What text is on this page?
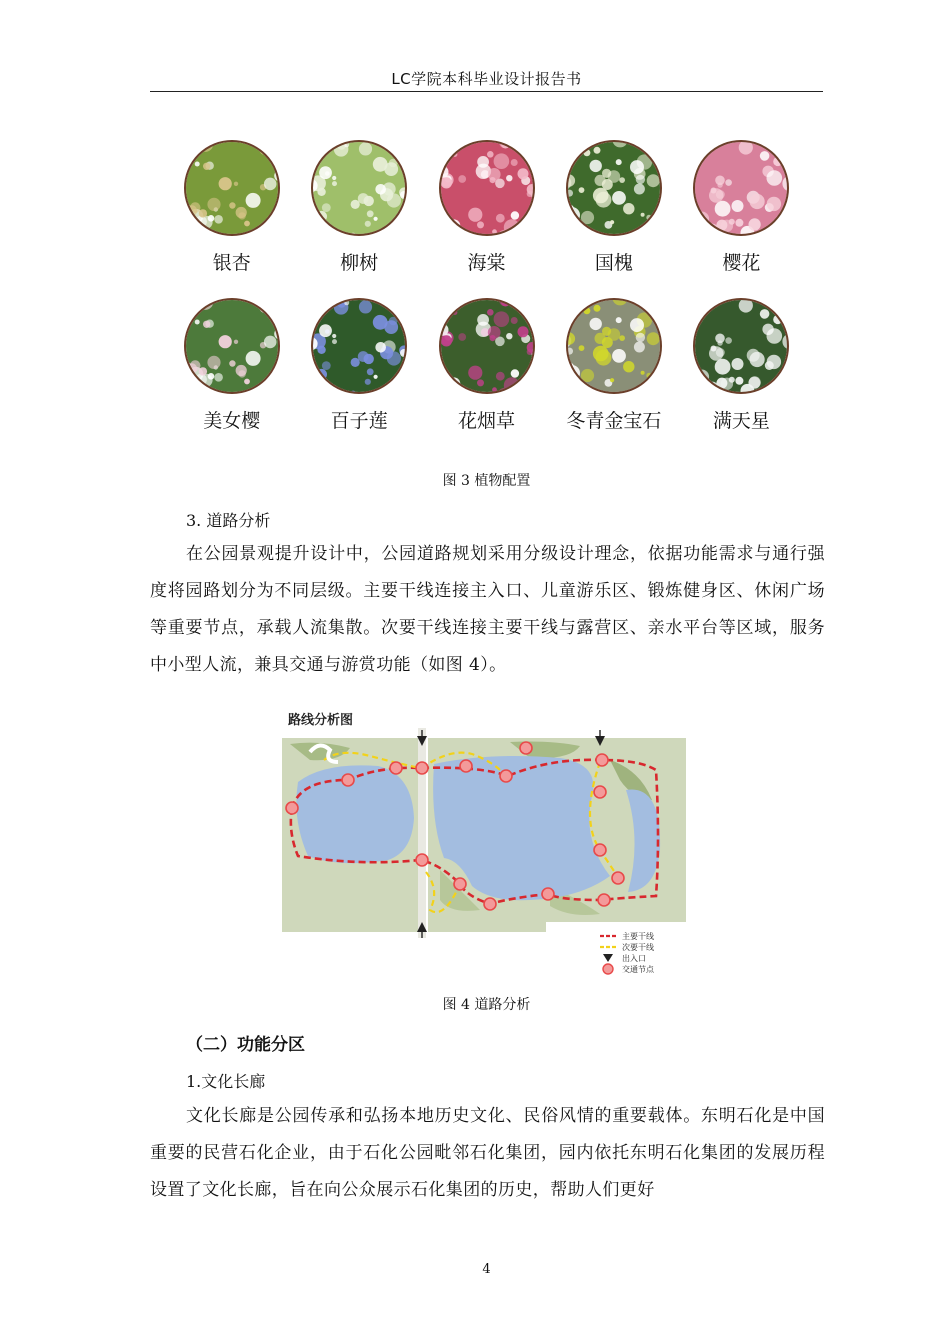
LC学院本科毕业设计报告书
银杏	柳树	海棠	国槐	樱花
美女樱	百子莲	花烟草	冬青金宝石	满天星
图 3 植物配置
3. 道路分析
在公园景观提升设计中，公园道路规划采用分级设计理念，依据功能需求与通行强度将园路划分为不同层级。主要干线连接主入口、儿童游乐区、锻炼健身区、休闲广场等重要节点，承载人流集散。次要干线连接主要干线与露营区、亲水平台等区域，服务中小型人流，兼具交通与游赏功能（如图 4）。
路线分析图
主要干线
次要干线
出入口
交通节点
图 4 道路分析
（二）功能分区
1.文化长廊
文化长廊是公园传承和弘扬本地历史文化、民俗风情的重要载体。东明石化是中国重要的民营石化企业，由于石化公园毗邻石化集团，园内依托东明石化集团的发展历程设置了文化长廊，旨在向公众展示石化集团的历史，帮助人们更好
4
